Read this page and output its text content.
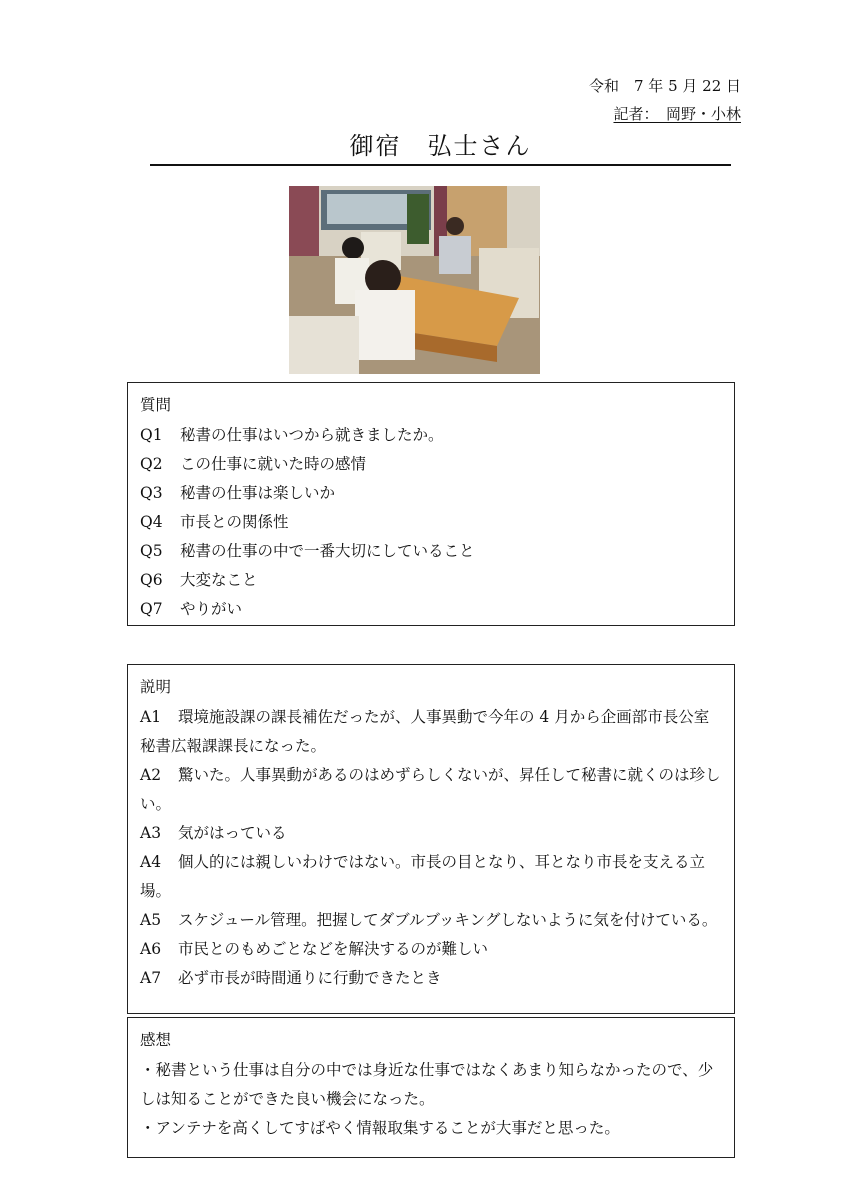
令和　7 年 5 月 22 日
記者：　岡野・小林
御宿　弘士さん
質問
Q1 秘書の仕事はいつから就きましたか。
Q2 この仕事に就いた時の感情
Q3 秘書の仕事は楽しいか
Q4 市長との関係性
Q5 秘書の仕事の中で一番大切にしていること
Q6 大変なこと
Q7 やりがい
説明
A1 環境施設課の課長補佐だったが、人事異動で今年の 4 月から企画部市長公室秘書広報課課長になった。
A2 驚いた。人事異動があるのはめずらしくないが、昇任して秘書に就くのは珍しい。
A3 気がはっている
A4 個人的には親しいわけではない。市長の目となり、耳となり市長を支える立場。
A5 スケジュール管理。把握してダブルブッキングしないように気を付けている。
A6 市民とのもめごとなどを解決するのが難しい
A7 必ず市長が時間通りに行動できたとき
感想
・秘書という仕事は自分の中では身近な仕事ではなくあまり知らなかったので、少しは知ることができた良い機会になった。
・アンテナを高くしてすばやく情報取集することが大事だと思った。
